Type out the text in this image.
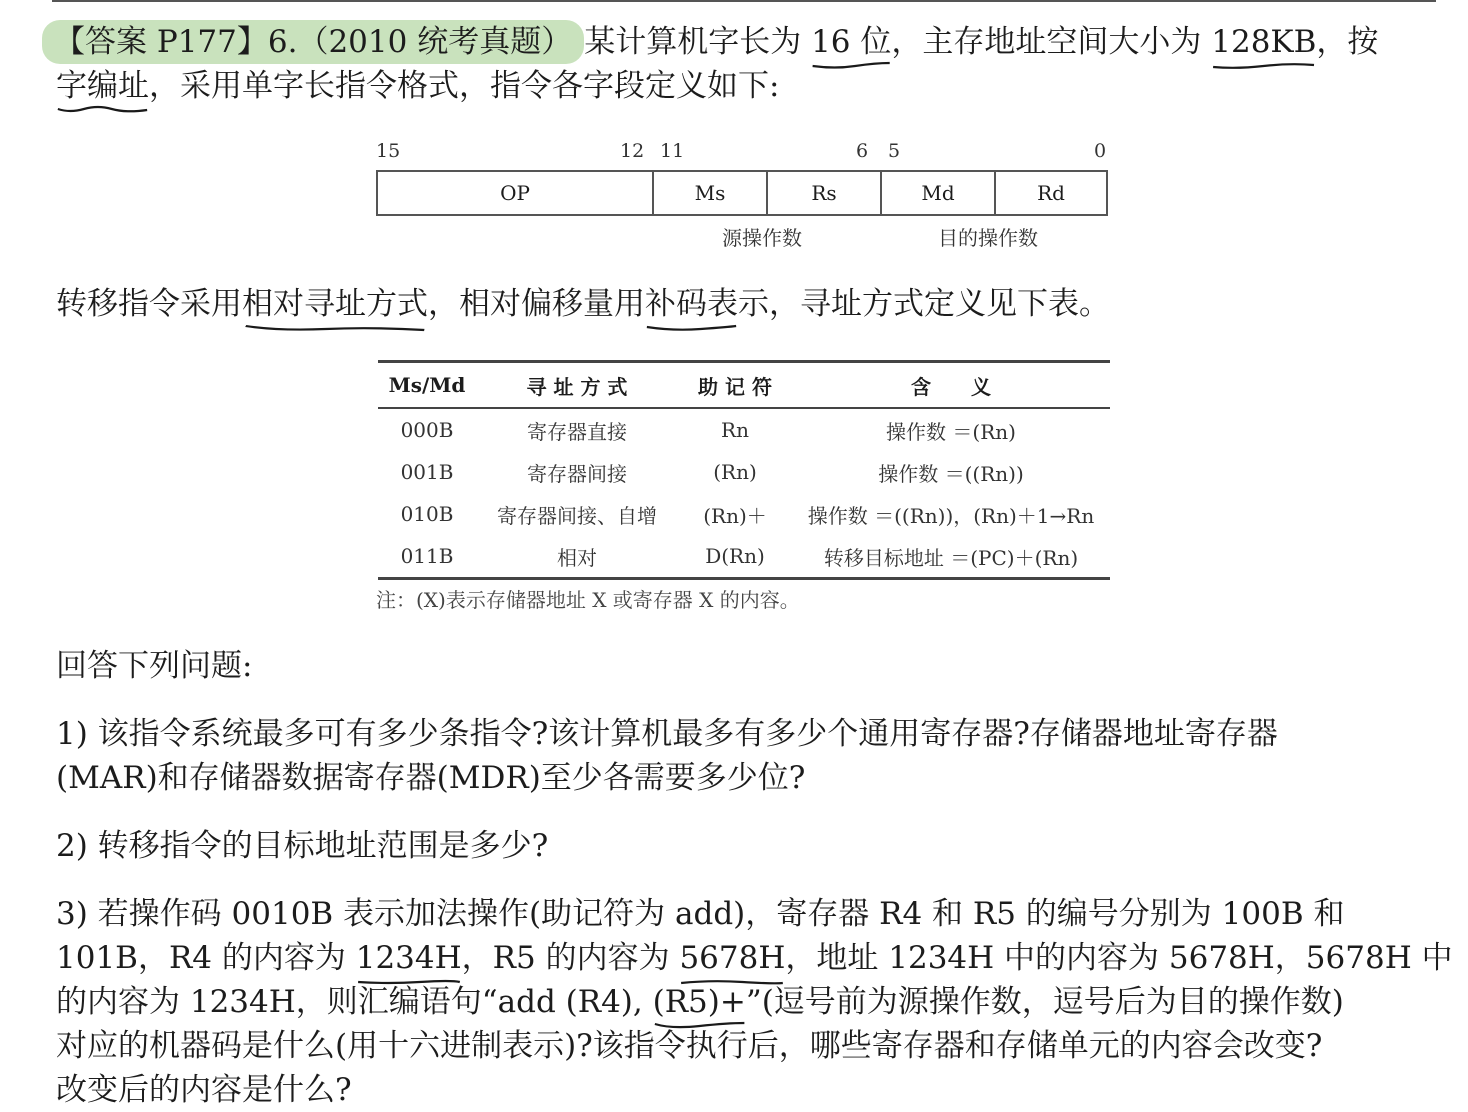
【答案 P177】6.（2010 统考真题） 某计算机字长为 16 位
，主存地址空间大小为 128KB
，按
字编址
，采用单字长指令格式，指令各字段定义如下:
15	12 11	6 5	0
OP	Ms	Rs	Md	Rd
源操作数	目的操作数
转移指令采用相对寻址方式
，相对偏移量用补码表
示，寻址方式定义见下表。
Ms/Md	寻 址 方 式	助 记 符	含　　义
000B	寄存器直接	Rn	操作数 ＝(Rn)
001B	寄存器间接	(Rn)	操作数 ＝((Rn))
010B	寄存器间接、自增	(Rn)＋	操作数 ＝((Rn))，(Rn)＋1→Rn
011B	相对	D(Rn)	转移目标地址 ＝(PC)＋(Rn)
注：(X)表示存储器地址 X 或寄存器 X 的内容。
回答下列问题:
1) 该指令系统最多可有多少条指令?该计算机最多有多少个通用寄存器?存储器地址寄存器
(MAR)和存储器数据寄存器(MDR)至少各需要多少位?
2) 转移指令的目标地址范围是多少?
3) 若操作码 0010B 表示加法操作(助记符为 add)，寄存器 R4 和 R5 的编号分别为 100B 和
101B，R4 的内容为 1234H
，R5 的内容为 5678H
，地址 1234H 中的内容为 5678H，5678H 中
的内容为 1234H，则汇编语句“add (R4), (R5)+
”(逗号前为源操作数，逗号后为目的操作数)
对应的机器码是什么(用十六进制表示)?该指令执行后，哪些寄存器和存储单元的内容会改变?
改变后的内容是什么?
